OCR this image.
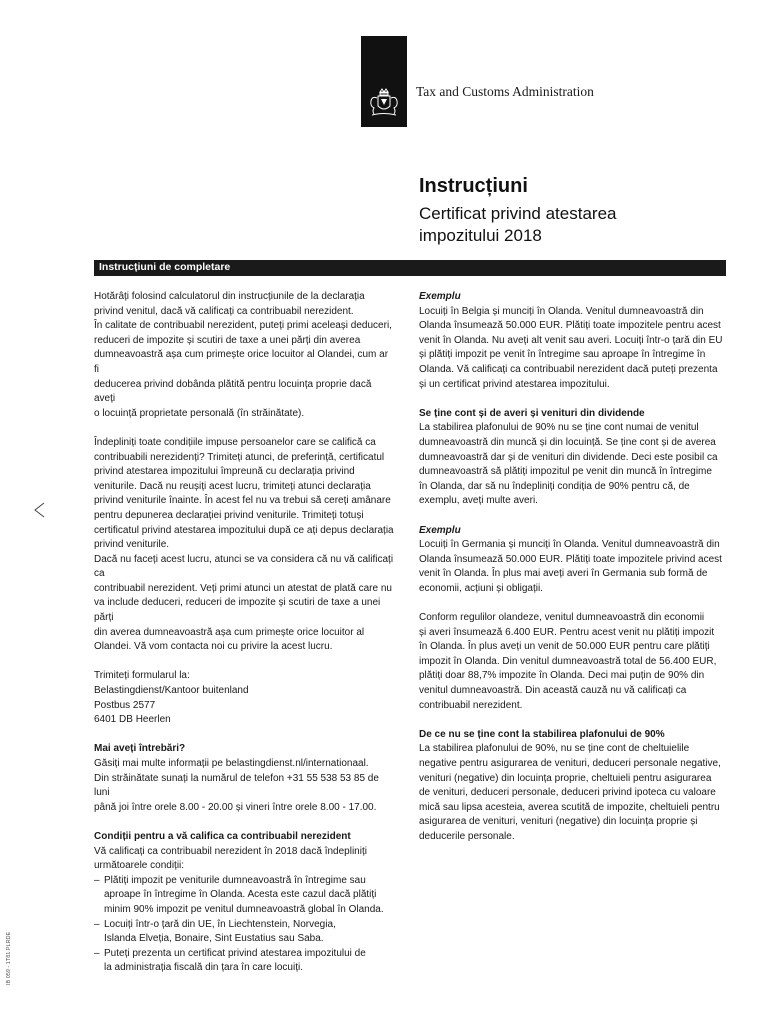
Tax and Customs Administration
Instrucțiuni
Certificat privind atestarea impozitului 2018
Instrucțiuni de completare
IB 059 - 1T81 PLRDE

Hotărâți folosind calculatorul din instrucțiunile de la declarația

privind venitul, dacă vă calificați ca contribuabil nerezident.

În calitate de contribuabil nerezident, puteți primi aceleași deduceri,

reduceri de impozite și scutiri de taxe a unei părți din averea

dumneavoastră așa cum primește orice locuitor al Olandei, cum ar fi

deducerea privind dobânda plătită pentru locuința proprie dacă aveți

o locuință proprietate personală (în străinătate).

Îndepliniți toate condițiile impuse persoanelor care se califică ca

contribuabili nerezidenți? Trimiteți atunci, de preferință, certificatul

privind atestarea impozitului împreună cu declarația privind

veniturile. Dacă nu reușiți acest lucru, trimiteți atunci declarația

privind veniturile înainte. În acest fel nu va trebui să cereți amânare

pentru depunerea declarației privind veniturile. Trimiteți totuși

certificatul privind atestarea impozitului după ce ați depus declarația

privind veniturile.

Dacă nu faceți acest lucru, atunci se va considera că nu vă calificați ca

contribuabil nerezident. Veți primi atunci un atestat de plată care nu

va include deduceri, reduceri de impozite și scutiri de taxe a unei părți

din averea dumneavoastră așa cum primește orice locuitor al

Olandei. Vă vom contacta noi cu privire la acest lucru.

Trimiteți formularul la:

Belastingdienst/Kantoor buitenland

Postbus 2577

6401 DB Heerlen

Mai aveți întrebări?

Găsiți mai multe informații pe belastingdienst.nl/internationaal.

Din străinătate sunați la numărul de telefon +31 55 538 53 85 de luni

până joi între orele 8.00 - 20.00 și vineri între orele 8.00 - 17.00.

Condiții pentru a vă califica ca contribuabil nerezident

Vă calificați ca contribuabil nerezident în 2018 dacă îndepliniți

următoarele condiții:

– Plătiți impozit pe veniturile dumneavoastră în întregime sau

aproape în întregime în Olanda. Acesta este cazul dacă plătiți

minim 90% impozit pe venitul dumneavoastră global în Olanda.

– Locuiți într-o țară din UE, în Liechtenstein, Norvegia,

Islanda Elveția, Bonaire, Sint Eustatius sau Saba.

– Puteți prezenta un certificat privind atestarea impozitului de

la administrația fiscală din țara în care locuiți.

Exemplu

Locuiți în Belgia și munciți în Olanda. Venitul dumneavoastră din

Olanda însumează 50.000 EUR. Plătiți toate impozitele pentru acest

venit în Olanda. Nu aveți alt venit sau averi. Locuiți într-o țară din EU

și plătiți impozit pe venit în întregime sau aproape în întregime în

Olanda. Vă calificați ca contribuabil nerezident dacă puteți prezenta

și un certificat privind atestarea impozitului.

Se ține cont și de averi și venituri din dividende

La stabilirea plafonului de 90% nu se ține cont numai de venitul

dumneavoastră din muncă și din locuință. Se ține cont și de averea

dumneavoastră dar și de venituri din dividende. Deci este posibil ca

dumneavoastră să plătiți impozitul pe venit din muncă în întregime

în Olanda, dar să nu îndepliniți condiția de 90% pentru că, de

exemplu, aveți multe averi.

Exemplu

Locuiți în Germania și munciți în Olanda. Venitul dumneavoastră din

Olanda însumează 50.000 EUR. Plătiți toate impozitele privind acest

venit în Olanda. În plus mai aveți averi în Germania sub formă de

economii, acțiuni și obligații.

Conform regulilor olandeze, venitul dumneavoastră din economii

și averi însumează 6.400 EUR. Pentru acest venit nu plătiți impozit

în Olanda. În plus aveți un venit de 50.000 EUR pentru care plătiți

impozit în Olanda. Din venitul dumneavoastră total de 56.400 EUR,

plătiți doar 88,7% impozite în Olanda. Deci mai puțin de 90% din

venitul dumneavoastră. Din această cauză nu vă calificați ca

contribuabil nerezident.

De ce nu se ține cont la stabilirea plafonului de 90%

La stabilirea plafonului de 90%, nu se ține cont de cheltuielile

negative pentru asigurarea de venituri, deduceri personale negative,

venituri (negative) din locuința proprie, cheltuieli pentru asigurarea

de venituri, deduceri personale, deduceri privind ipoteca cu valoare

mică sau lipsa acesteia, averea scutită de impozite, cheltuieli pentru

asigurarea de venituri, venituri (negative) din locuința proprie și

deducerile personale.
